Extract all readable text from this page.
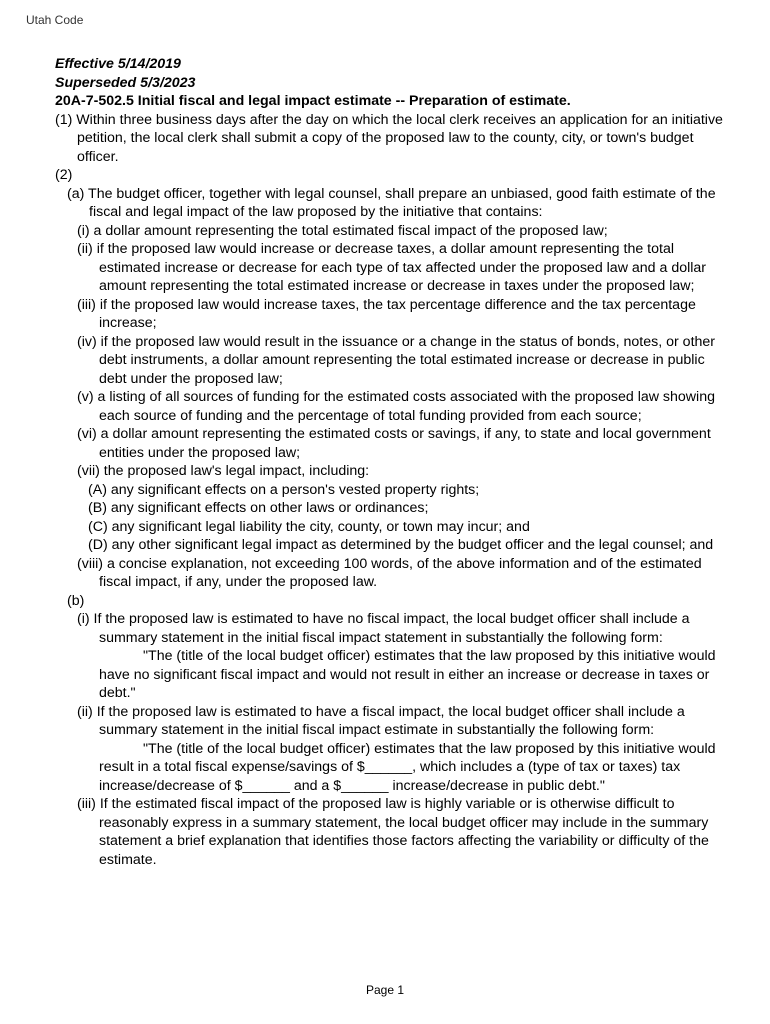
Utah Code
Effective 5/14/2019
Superseded 5/3/2023
20A-7-502.5 Initial fiscal and legal impact estimate -- Preparation of estimate.
(1) Within three business days after the day on which the local clerk receives an application for an initiative petition, the local clerk shall submit a copy of the proposed law to the county, city, or town's budget officer.
(2)
(a) The budget officer, together with legal counsel, shall prepare an unbiased, good faith estimate of the fiscal and legal impact of the law proposed by the initiative that contains:
(i) a dollar amount representing the total estimated fiscal impact of the proposed law;
(ii) if the proposed law would increase or decrease taxes, a dollar amount representing the total estimated increase or decrease for each type of tax affected under the proposed law and a dollar amount representing the total estimated increase or decrease in taxes under the proposed law;
(iii) if the proposed law would increase taxes, the tax percentage difference and the tax percentage increase;
(iv) if the proposed law would result in the issuance or a change in the status of bonds, notes, or other debt instruments, a dollar amount representing the total estimated increase or decrease in public debt under the proposed law;
(v) a listing of all sources of funding for the estimated costs associated with the proposed law showing each source of funding and the percentage of total funding provided from each source;
(vi) a dollar amount representing the estimated costs or savings, if any, to state and local government entities under the proposed law;
(vii) the proposed law's legal impact, including:
(A) any significant effects on a person's vested property rights;
(B) any significant effects on other laws or ordinances;
(C) any significant legal liability the city, county, or town may incur; and
(D) any other significant legal impact as determined by the budget officer and the legal counsel; and
(viii) a concise explanation, not exceeding 100 words, of the above information and of the estimated fiscal impact, if any, under the proposed law.
(b)
(i) If the proposed law is estimated to have no fiscal impact, the local budget officer shall include a summary statement in the initial fiscal impact statement in substantially the following form:
"The (title of the local budget officer) estimates that the law proposed by this initiative would have no significant fiscal impact and would not result in either an increase or decrease in taxes or debt."
(ii) If the proposed law is estimated to have a fiscal impact, the local budget officer shall include a summary statement in the initial fiscal impact estimate in substantially the following form:
"The (title of the local budget officer) estimates that the law proposed by this initiative would result in a total fiscal expense/savings of $______, which includes a (type of tax or taxes) tax increase/decrease of $______ and a $______ increase/decrease in public debt."
(iii) If the estimated fiscal impact of the proposed law is highly variable or is otherwise difficult to reasonably express in a summary statement, the local budget officer may include in the summary statement a brief explanation that identifies those factors affecting the variability or difficulty of the estimate.
Page 1
